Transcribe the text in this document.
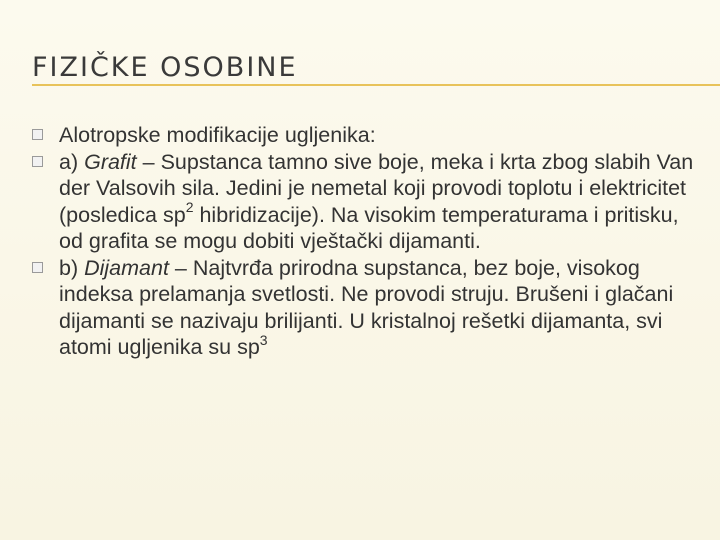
FIZIČKE OSOBINE
Alotropske modifikacije ugljenika:
a) Grafit – Supstanca tamno sive boje, meka i krta zbog slabih Van der Valsovih sila. Jedini je nemetal koji provodi toplotu i elektricitet (posledica $sp^2$ hibridizacije). Na visokim temperaturama i pritisku, od grafita se mogu dobiti vještački dijamanti.
b) Dijamant – Najtvrđa prirodna supstanca, bez boje, visokog indeksa prelamanja svetlosti. Ne provodi struju. Brušeni i glačani dijamanti se nazivaju brilijanti. U kristalnoj rešetki dijamanta, svi atomi ugljenika su $sp^3$
